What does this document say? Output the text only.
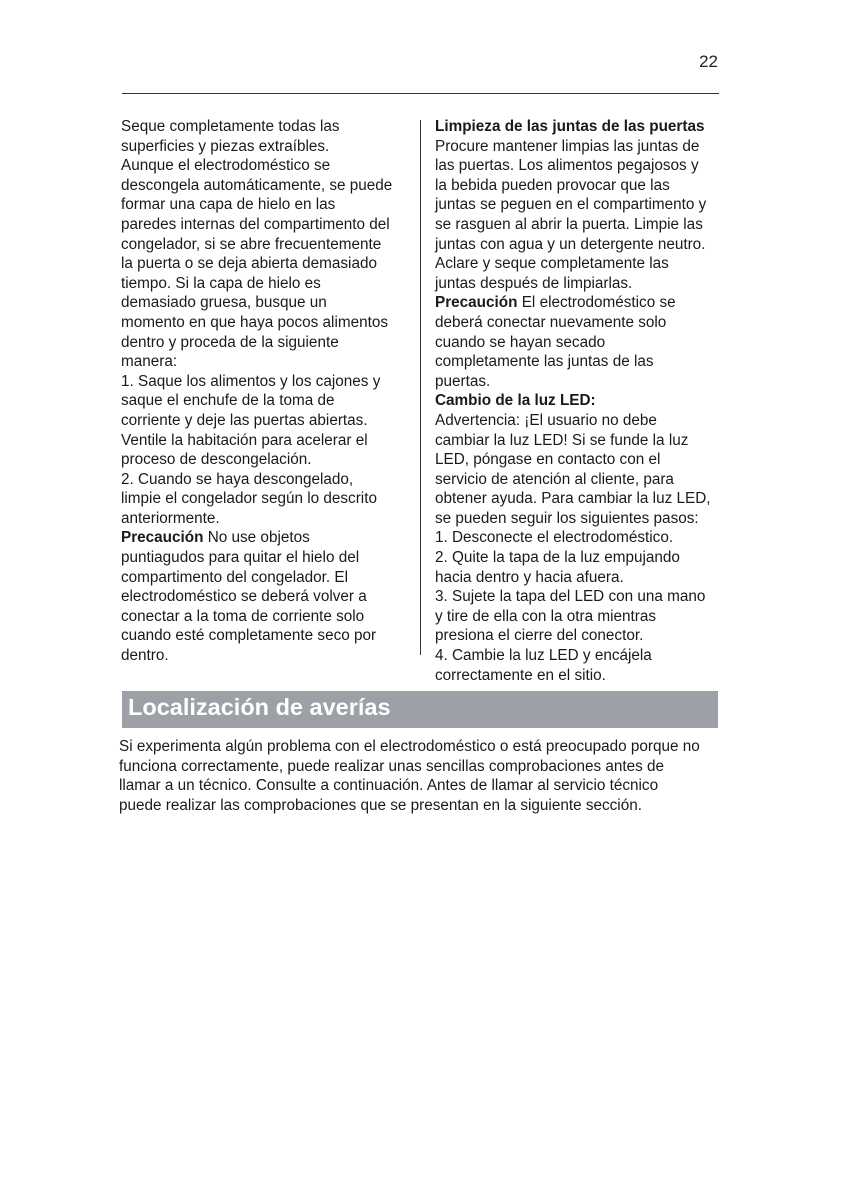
22
Seque completamente todas las
superficies y piezas extraíbles.
Aunque el electrodoméstico se
descongela automáticamente, se puede
formar una capa de hielo en las
paredes internas del compartimento del
congelador, si se abre frecuentemente
la puerta o se deja abierta demasiado
tiempo. Si la capa de hielo es
demasiado gruesa, busque un
momento en que haya pocos alimentos
dentro y proceda de la siguiente
manera:
1. Saque los alimentos y los cajones y
saque el enchufe de la toma de
corriente y deje las puertas abiertas.
Ventile la habitación para acelerar el
proceso de descongelación.
2. Cuando se haya descongelado,
limpie el congelador según lo descrito
anteriormente.
Precaución No use objetos
puntiagudos para quitar el hielo del
compartimento del congelador. El
electrodoméstico se deberá volver a
conectar a la toma de corriente solo
cuando esté completamente seco por
dentro.
Limpieza de las juntas de las puertas
Procure mantener limpias las juntas de
las puertas. Los alimentos pegajosos y
la bebida pueden provocar que las
juntas se peguen en el compartimento y
se rasguen al abrir la puerta. Limpie las
juntas con agua y un detergente neutro.
Aclare y seque completamente las
juntas después de limpiarlas.
Precaución El electrodoméstico se
deberá conectar nuevamente solo
cuando se hayan secado
completamente las juntas de las
puertas.
Cambio de la luz LED:
Advertencia: ¡El usuario no debe
cambiar la luz LED! Si se funde la luz
LED, póngase en contacto con el
servicio de atención al cliente, para
obtener ayuda. Para cambiar la luz LED,
se pueden seguir los siguientes pasos:
1. Desconecte el electrodoméstico.
2. Quite la tapa de la luz empujando
hacia dentro y hacia afuera.
3. Sujete la tapa del LED con una mano
y tire de ella con la otra mientras
presiona el cierre del conector.
4. Cambie la luz LED y encájela
correctamente en el sitio.
Localización de averías
Si experimenta algún problema con el electrodoméstico o está preocupado porque no
funciona correctamente, puede realizar unas sencillas comprobaciones antes de
llamar a un técnico. Consulte a continuación. Antes de llamar al servicio técnico
puede realizar las comprobaciones que se presentan en la siguiente sección.
